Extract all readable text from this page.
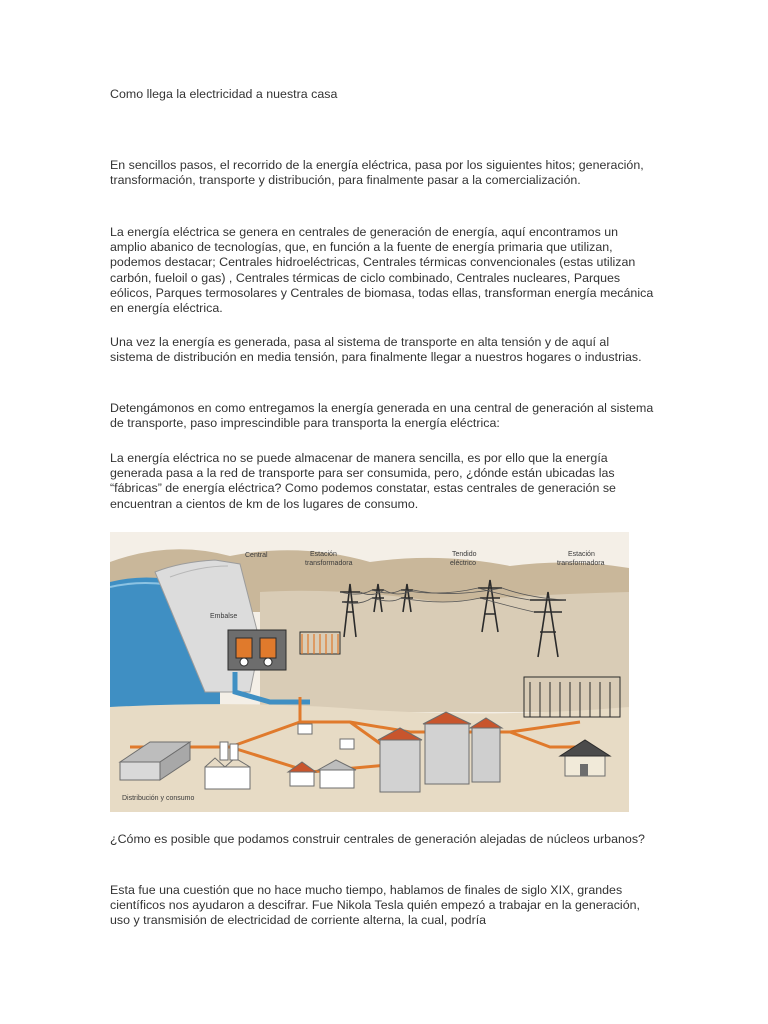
Como llega la electricidad a nuestra casa

En sencillos pasos, el recorrido de la energía eléctrica, pasa por los siguientes hitos; generación, transformación, transporte y distribución, para finalmente pasar a la comercialización.

La energía eléctrica se genera en centrales de generación de energía, aquí encontramos un amplio abanico de tecnologías, que, en función a la fuente de energía primaria que utilizan, podemos destacar; Centrales hidroeléctricas, Centrales térmicas convencionales (estas utilizan carbón, fueloil o gas) , Centrales térmicas de ciclo combinado, Centrales nucleares, Parques eólicos, Parques termosolares y Centrales de biomasa, todas ellas, transforman energía mecánica en energía eléctrica.

Una vez la energía es generada, pasa al sistema de transporte en alta tensión y de aquí al sistema de distribución en media tensión, para finalmente llegar a nuestros hogares o industrias.

Detengámonos en como entregamos la energía generada en una central de generación al sistema de transporte, paso imprescindible para transporta la energía eléctrica:

La energía eléctrica no se puede almacenar de manera sencilla, es por ello que la energía generada pasa a la red de transporte para ser consumida, pero, ¿dónde están ubicadas las “fábricas” de energía eléctrica? Como podemos constatar, estas centrales de generación se encuentran a cientos de km de los lugares de consumo.

Central	Estación
transformadora
Tendido
eléctrico
Estación
transformadora
Embalse
Distribución y consumo

¿Cómo es posible que podamos construir centrales de generación alejadas de núcleos urbanos?

Esta fue una cuestión que no hace mucho tiempo, hablamos de finales de siglo XIX, grandes científicos nos ayudaron a descifrar. Fue Nikola Tesla quién empezó a trabajar en la generación, uso y transmisión de electricidad de corriente alterna, la cual, podría
